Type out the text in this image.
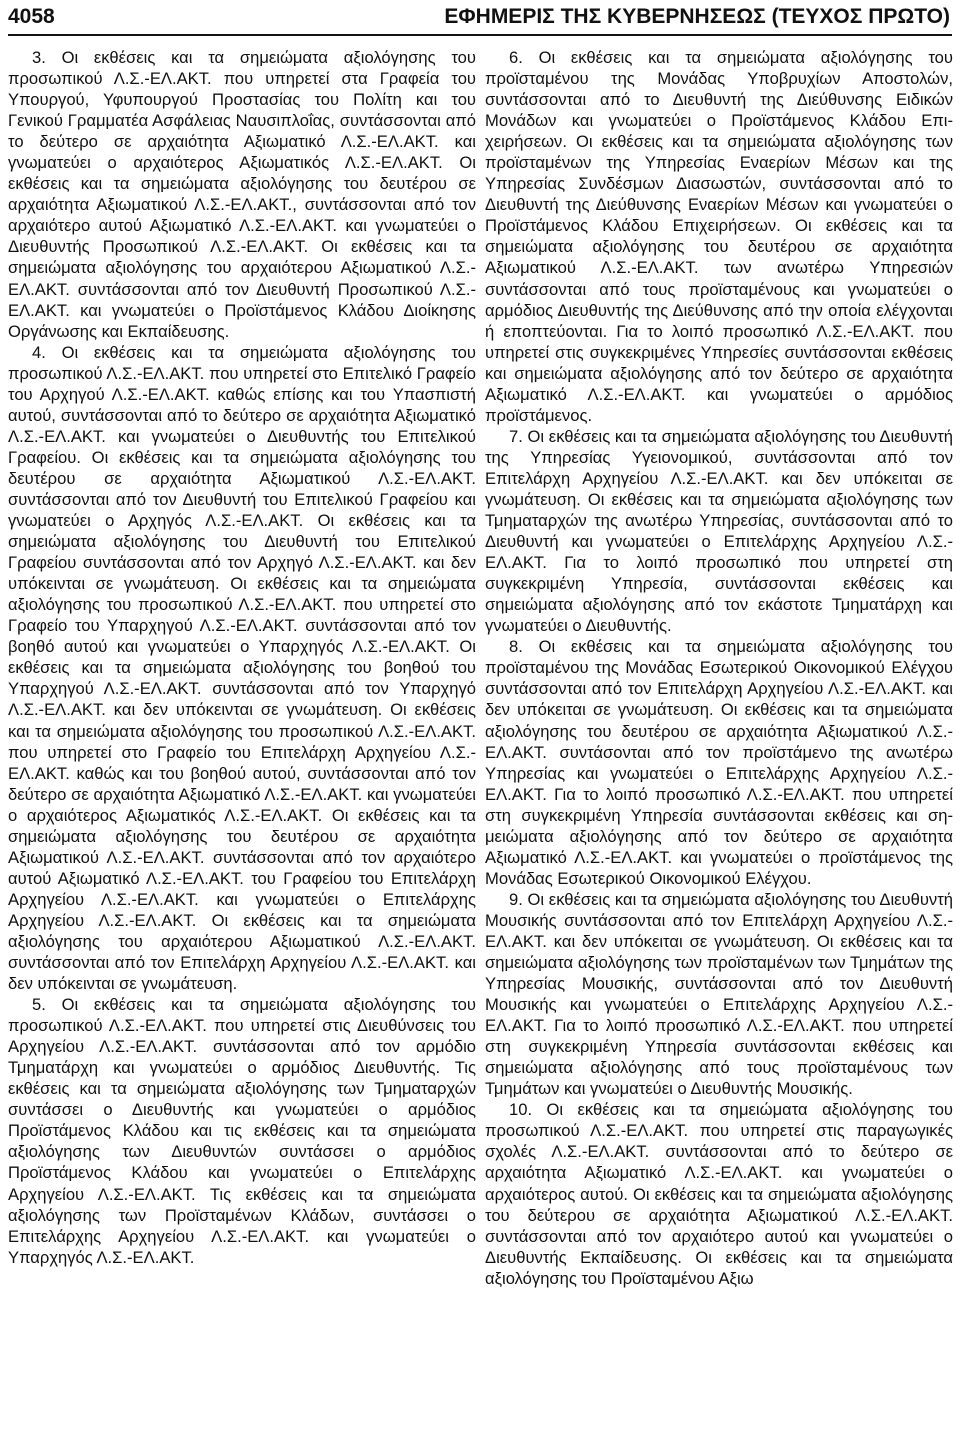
4058	ΕΦΗΜΕΡΙΣ ΤΗΣ ΚΥΒΕΡΝΗΣΕΩΣ (ΤΕΥΧΟΣ ΠΡΩΤΟ)

3. Οι εκθέσεις και τα σημειώματα αξιολόγησης του προσωπικού Λ.Σ.-ΕΛ.ΑΚΤ. που υπηρετεί στα Γραφεία του Υπουργού, Υφυπουργού Προστασίας του Πολίτη και του Γενικού Γραμματέα Ασφάλειας Ναυσιπλοΐας, συντάσσονται από το δεύτερο σε αρχαιότητα Αξιωματικό Λ.Σ.-ΕΛ.ΑΚΤ. και γνωματεύει ο αρχαιότερος Αξιωματικός Λ.Σ.-ΕΛ.ΑΚΤ. Οι εκθέσεις και τα σημειώματα αξιολόγησης του δευτέρου σε αρχαιότητα Αξιωματικού Λ.Σ.-ΕΛ.ΑΚΤ., συντάσσονται από τον αρχαιότερο αυτού Αξιωματικό Λ.Σ.-ΕΛ.ΑΚΤ. και γνωματεύει ο Διευθυντής Προσωπικού Λ.Σ.-ΕΛ.ΑΚΤ. Οι εκθέσεις και τα σημειώματα αξιολόγησης του αρχαιότερου Αξιωματικού Λ.Σ.-ΕΛ.ΑΚΤ. συντάσσονται από τον Διευθυντή Προσωπικού Λ.Σ.-ΕΛ.ΑΚΤ. και γνωματεύει ο Προϊστάμενος Κλάδου Διοίκησης Οργάνωσης και Εκπαίδευσης.

4. Οι εκθέσεις και τα σημειώματα αξιολόγησης του προσωπικού Λ.Σ.-ΕΛ.ΑΚΤ. που υπηρετεί στο Επιτελικό Γραφείο του Αρχηγού Λ.Σ.-ΕΛ.ΑΚΤ. καθώς επίσης και του Υπασπιστή αυτού, συντάσσονται από το δεύτερο σε αρχαιότητα Αξιωματικό Λ.Σ.-ΕΛ.ΑΚΤ. και γνωματεύει ο Διευθυντής του Επιτελικού Γραφείου. Οι εκθέσεις και τα σημειώματα αξιολόγησης του δευτέρου σε αρχαιότητα Αξιωματικού Λ.Σ.-ΕΛ.ΑΚΤ. συντάσσονται από τον Διευθυντή του Επιτελικού Γραφείου και γνωματεύει ο Αρχηγός Λ.Σ.-ΕΛ.ΑΚΤ. Οι εκθέσεις και τα σημειώματα αξιολόγησης του Διευθυντή του Επιτελικού Γραφείου συντάσσονται από τον Αρχηγό Λ.Σ.-ΕΛ.ΑΚΤ. και δεν υπόκεινται σε γνωμάτευση. Οι εκθέσεις και τα σημειώματα αξιολόγησης του προσωπικού Λ.Σ.-ΕΛ.ΑΚΤ. που υπηρετεί στο Γραφείο του Υπαρχηγού Λ.Σ.-ΕΛ.ΑΚΤ. συντάσσονται από τον βοηθό αυτού και γνωματεύει ο Υπαρχηγός Λ.Σ.-ΕΛ.ΑΚΤ. Οι εκθέσεις και τα σημειώματα αξιολόγησης του βοηθού του Υπαρχηγού Λ.Σ.-ΕΛ.ΑΚΤ. συντάσσονται από τον Υπαρχηγό Λ.Σ.-ΕΛ.ΑΚΤ. και δεν υπόκεινται σε γνωμάτευση. Οι εκθέσεις και τα σημειώματα αξιολόγησης του προσωπικού Λ.Σ.-ΕΛ.ΑΚΤ. που υπηρετεί στο Γραφείο του Επιτελάρχη Αρχηγείου Λ.Σ.-ΕΛ.ΑΚΤ. καθώς και του βοηθού αυτού, συντάσσονται από τον δεύτερο σε αρχαιότητα Αξιωματικό Λ.Σ.-ΕΛ.ΑΚΤ. και γνωματεύει ο αρχαιότερος Αξιωματικός Λ.Σ.-ΕΛ.ΑΚΤ. Οι εκθέσεις και τα σημειώματα αξιολόγησης του δευτέρου σε αρχαιότητα Αξιωματικού Λ.Σ.-ΕΛ.ΑΚΤ. συντάσσονται από τον αρχαιότερο αυτού Αξιωματικό Λ.Σ.-ΕΛ.ΑΚΤ. του Γραφείου του Επιτελάρχη Αρχηγείου Λ.Σ.-ΕΛ.ΑΚΤ. και γνωματεύει ο Επιτελάρχης Αρχηγείου Λ.Σ.-ΕΛ.ΑΚΤ. Οι εκθέσεις και τα σημειώματα αξιολόγησης του αρχαιότερου Αξιωματικού Λ.Σ.-ΕΛ.ΑΚΤ. συντάσσονται από τον Επιτελάρχη Αρχηγείου Λ.Σ.-ΕΛ.ΑΚΤ. και δεν υπόκεινται σε γνωμάτευση.

5. Οι εκθέσεις και τα σημειώματα αξιολόγησης του προσωπικού Λ.Σ.-ΕΛ.ΑΚΤ. που υπηρετεί στις Διευθύνσεις του Αρχηγείου Λ.Σ.-ΕΛ.ΑΚΤ. συντάσσονται από τον αρμόδιο Τμηματάρχη και γνωματεύει ο αρμόδιος Διευθυντής. Τις εκθέσεις και τα σημειώματα αξιολόγησης των Τμηματαρχών συντάσσει ο Διευθυντής και γνωματεύει ο αρμόδιος Προϊστάμενος Κλάδου και τις εκθέσεις και τα σημειώματα αξιολόγησης των Διευθυντών συντάσσει ο αρμόδιος Προϊστάμενος Κλάδου και γνωματεύει ο Επιτελάρχης Αρχηγείου Λ.Σ.-ΕΛ.ΑΚΤ. Τις εκθέσεις και τα σημειώματα αξιολόγησης των Προϊσταμένων Κλάδων, συντάσσει ο Επιτελάρχης Αρχηγείου Λ.Σ.-ΕΛ.ΑΚΤ. και γνωματεύει ο Υπαρχηγός Λ.Σ.-ΕΛ.ΑΚΤ.

6. Οι εκθέσεις και τα σημειώματα αξιολόγησης του προϊσταμένου της Μονάδας Υποβρυχίων Αποστολών, συντάσσονται από το Διευθυντή της Διεύθυνσης Ειδικών Μονάδων και γνωματεύει ο Προϊστάμενος Κλάδου Επιχειρήσεων. Οι εκθέσεις και τα σημειώματα αξιολόγησης των προϊσταμένων της Υπηρεσίας Εναερίων Μέσων και της Υπηρεσίας Συνδέσμων Διασωστών, συντάσσονται από το Διευθυντή της Διεύθυνσης Εναερίων Μέσων και γνωματεύει ο Προϊστάμενος Κλάδου Επιχειρήσεων. Οι εκθέσεις και τα σημειώματα αξιολόγησης του δευτέρου σε αρχαιότητα Αξιωματικού Λ.Σ.-ΕΛ.ΑΚΤ. των ανωτέρω Υπηρεσιών συντάσσονται από τους προϊσταμένους και γνωματεύει ο αρμόδιος Διευθυντής της Διεύθυνσης από την οποία ελέγχονται ή εποπτεύονται. Για το λοιπό προσωπικό Λ.Σ.-ΕΛ.ΑΚΤ. που υπηρετεί στις συγκεκριμένες Υπηρεσίες συντάσσονται εκθέσεις και σημειώματα αξιολόγησης από τον δεύτερο σε αρχαιότητα Αξιωματικό Λ.Σ.-ΕΛ.ΑΚΤ. και γνωματεύει ο αρμόδιος προϊστάμενος.

7. Οι εκθέσεις και τα σημειώματα αξιολόγησης του Διευθυντή της Υπηρεσίας Υγειονομικού, συντάσσονται από τον Επιτελάρχη Αρχηγείου Λ.Σ.-ΕΛ.ΑΚΤ. και δεν υπόκειται σε γνωμάτευση. Οι εκθέσεις και τα σημειώματα αξιολόγησης των Τμηματαρχών της ανωτέρω Υπηρεσίας, συντάσσονται από το Διευθυντή και γνωματεύει ο Επιτελάρχης Αρχηγείου Λ.Σ.-ΕΛ.ΑΚΤ. Για το λοιπό προσωπικό που υπηρετεί στη συγκεκριμένη Υπηρεσία, συντάσσονται εκθέσεις και σημειώματα αξιολόγησης από τον εκάστοτε Τμηματάρχη και γνωματεύει ο Διευθυντής.

8. Οι εκθέσεις και τα σημειώματα αξιολόγησης του προϊσταμένου της Μονάδας Εσωτερικού Οικονομικού Ελέγχου συντάσσονται από τον Επιτελάρχη Αρχηγείου Λ.Σ.-ΕΛ.ΑΚΤ. και δεν υπόκειται σε γνωμάτευση. Οι εκθέσεις και τα σημειώματα αξιολόγησης του δευτέρου σε αρχαιότητα Αξιωματικού Λ.Σ.-ΕΛ.ΑΚΤ. συντάσονται από τον προϊστάμενο της ανωτέρω Υπηρεσίας και γνωματεύει ο Επιτελάρχης Αρχηγείου Λ.Σ.-ΕΛ.ΑΚΤ. Για το λοιπό προσωπικό Λ.Σ.-ΕΛ.ΑΚΤ. που υπηρετεί στη συγκεκριμένη Υπηρεσία συντάσσονται εκθέσεις και σημειώματα αξιολόγησης από τον δεύτερο σε αρχαιότητα Αξιωματικό Λ.Σ.-ΕΛ.ΑΚΤ. και γνωματεύει ο προϊστάμενος της Μονάδας Εσωτερικού Οικονομικού Ελέγχου.

9. Οι εκθέσεις και τα σημειώματα αξιολόγησης του Διευθυντή Μουσικής συντάσσονται από τον Επιτελάρχη Αρχηγείου Λ.Σ.-ΕΛ.ΑΚΤ. και δεν υπόκειται σε γνωμάτευση. Οι εκθέσεις και τα σημειώματα αξιολόγησης των προϊσταμένων των Τμημάτων της Υπηρεσίας Μουσικής, συντάσσονται από τον Διευθυντή Μουσικής και γνωματεύει ο Επιτελάρχης Αρχηγείου Λ.Σ.-ΕΛ.ΑΚΤ. Για το λοιπό προσωπικό Λ.Σ.-ΕΛ.ΑΚΤ. που υπηρετεί στη συγκεκριμένη Υπηρεσία συντάσσονται εκθέσεις και σημειώματα αξιολόγησης από τους προϊσταμένους των Τμημάτων και γνωματεύει ο Διευθυντής Μουσικής.

10. Οι εκθέσεις και τα σημειώματα αξιολόγησης του προσωπικού Λ.Σ.-ΕΛ.ΑΚΤ. που υπηρετεί στις παραγωγικές σχολές Λ.Σ.-ΕΛ.ΑΚΤ. συντάσσονται από το δεύτερο σε αρχαιότητα Αξιωματικό Λ.Σ.-ΕΛ.ΑΚΤ. και γνωματεύει ο αρχαιότερος αυτού. Οι εκθέσεις και τα σημειώματα αξιολόγησης του δεύτερου σε αρχαιότητα Αξιωματικού Λ.Σ.-ΕΛ.ΑΚΤ. συντάσσονται από τον αρχαιότερο αυτού και γνωματεύει ο Διευθυντής Εκπαίδευσης. Οι εκθέσεις και τα σημειώματα αξιολόγησης του Προϊσταμένου Αξιω
